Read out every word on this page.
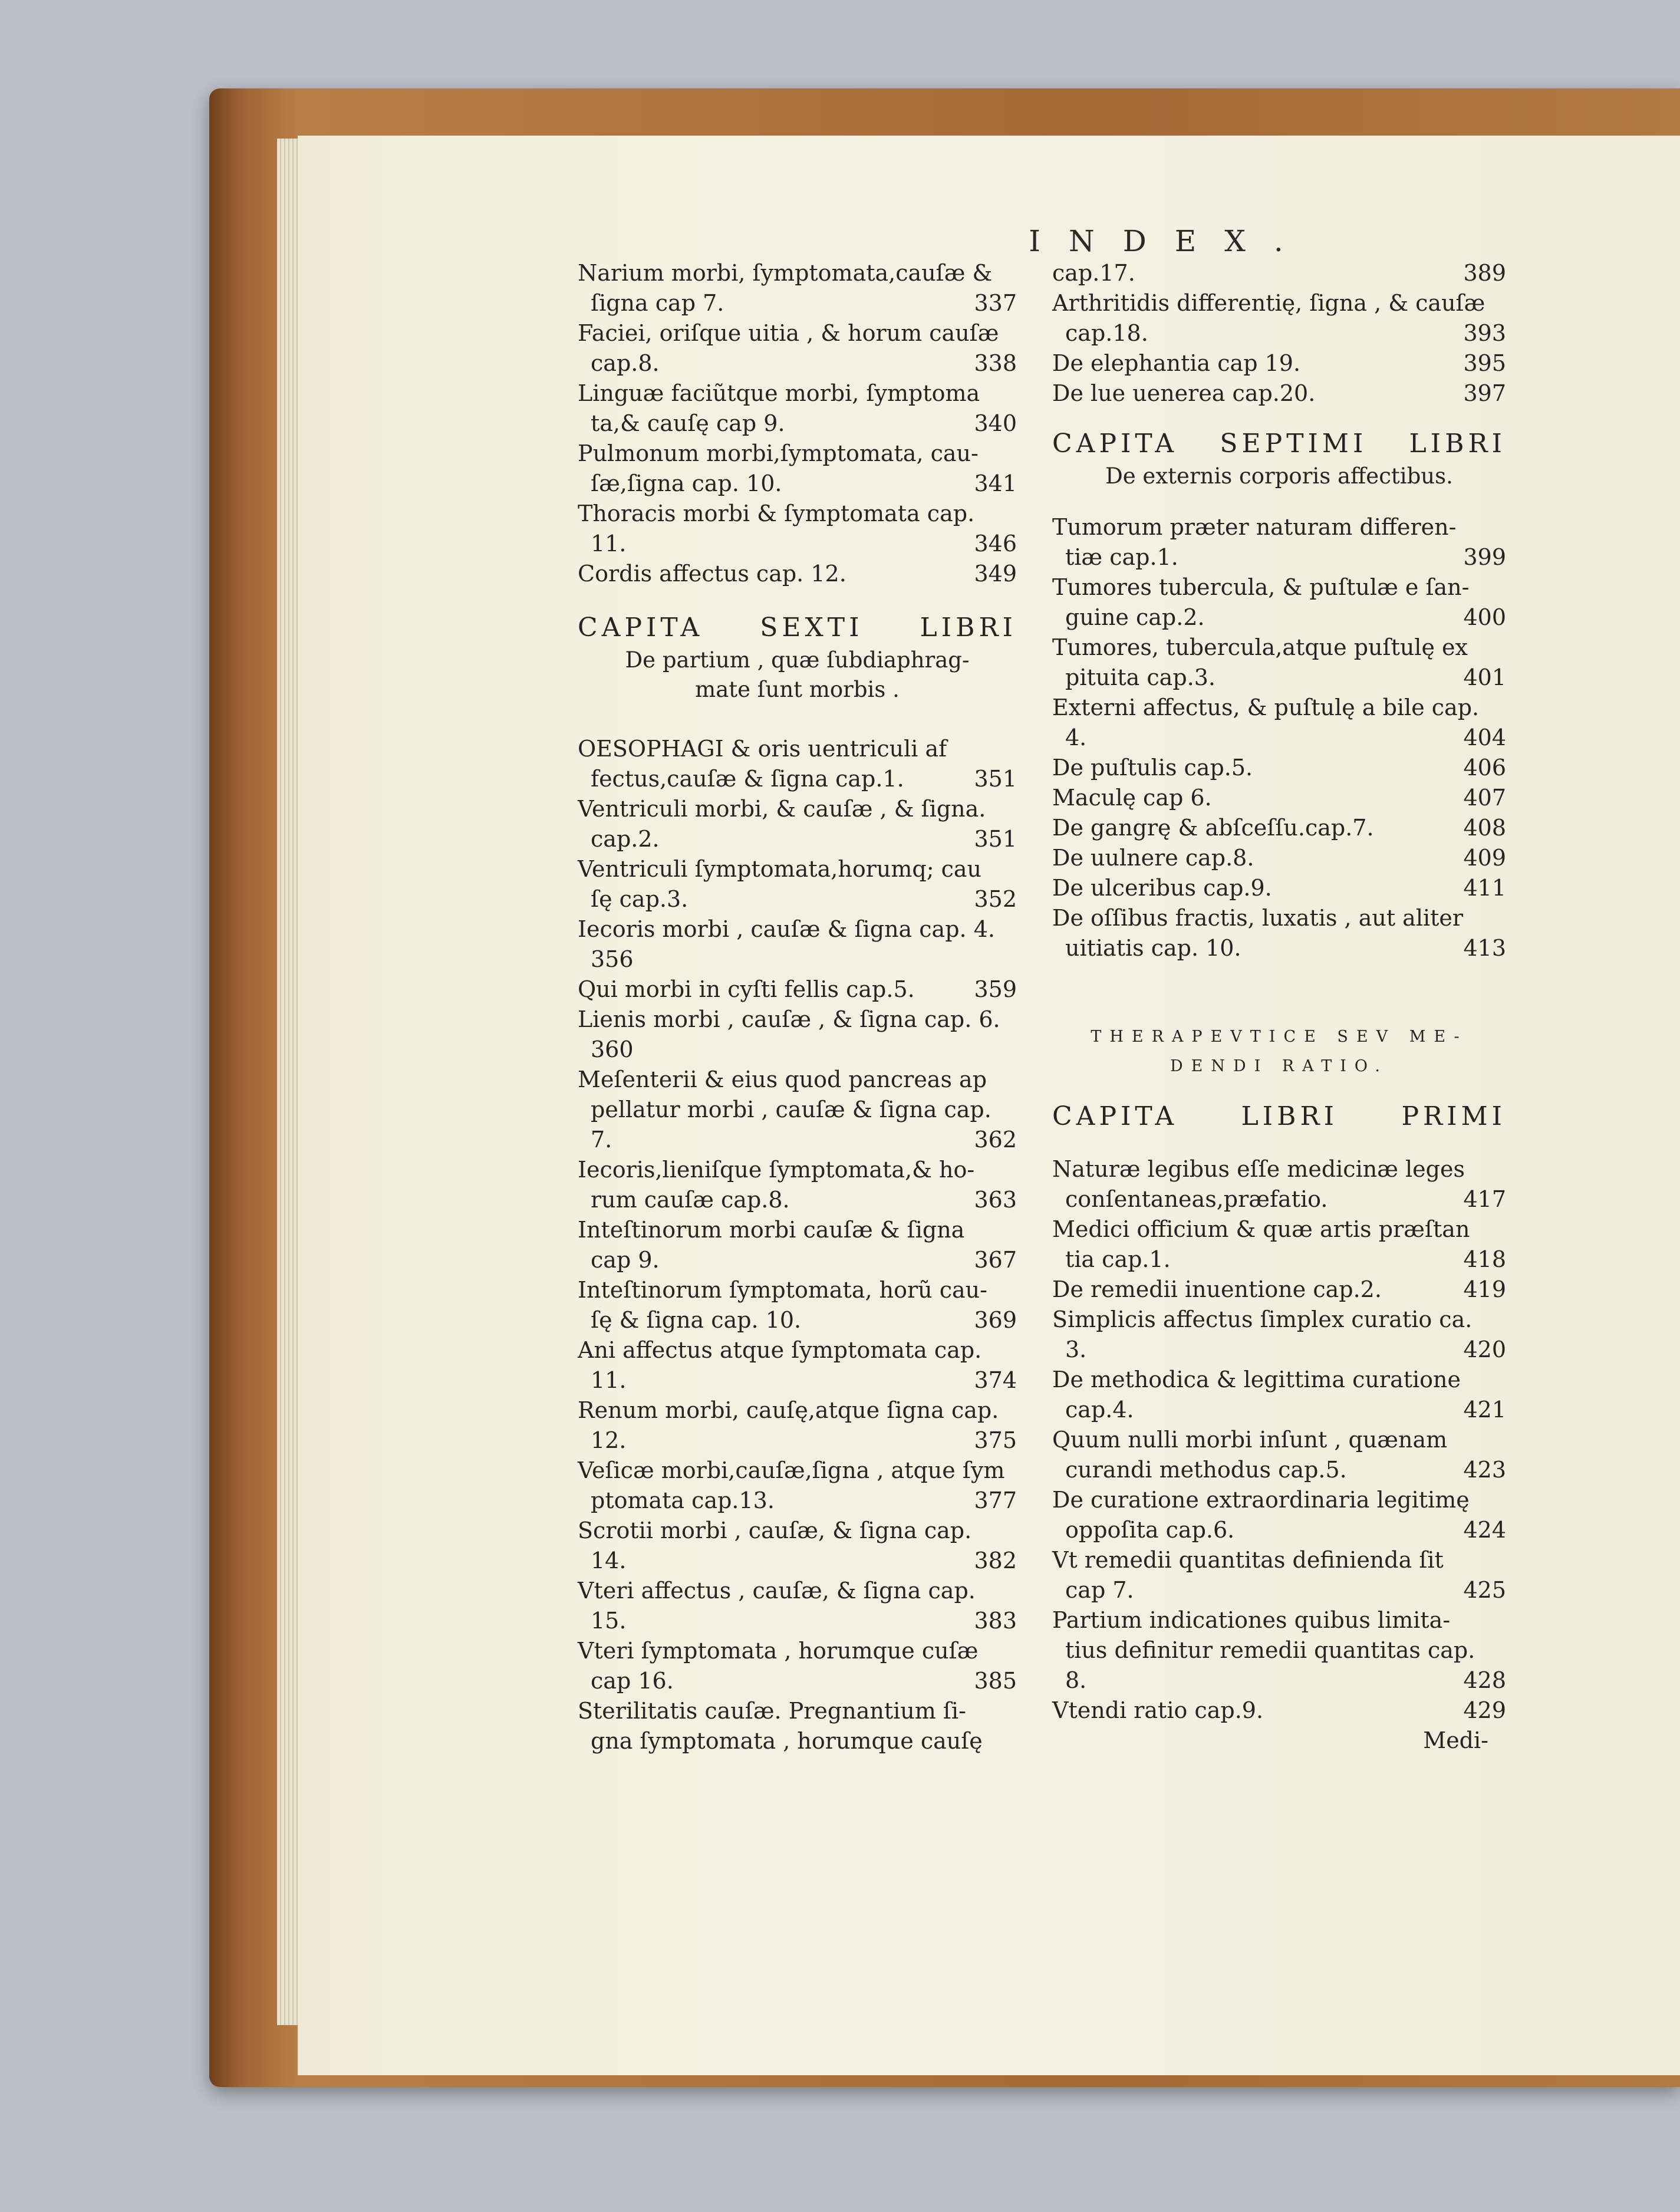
INDEX.
Narium morbi, ſymptomata,cauſæ &
ſigna cap 7.	337
Faciei, oriſque uitia , & horum cauſæ
cap.8.	338
Linguæ faciũtque morbi, ſymptoma
ta,& cauſę cap 9.	340
Pulmonum morbi,ſymptomata, cau-
ſæ,ſigna cap. 10.	341
Thoracis morbi & ſymptomata cap.
11.	346
Cordis affectus cap. 12.	349
CAPITA SEXTI LIBRI
De partium , quæ ſubdiaphrag-
mate ſunt morbis .
OESOPHAGI & oris uentriculi af
fectus,cauſæ & ſigna cap.1.	351
Ventriculi morbi, & cauſæ , & ſigna.
cap.2.	351
Ventriculi ſymptomata,horumq; cau
ſę cap.3.	352
Iecoris morbi , cauſæ & ſigna cap. 4.
356
Qui morbi in cyſti fellis cap.5.	359
Lienis morbi , cauſæ , & ſigna cap. 6.
360
Meſenterii & eius quod pancreas ap
pellatur morbi , cauſæ & ſigna cap.
7.	362
Iecoris,lieniſque ſymptomata,& ho-
rum cauſæ cap.8.	363
Inteſtinorum morbi cauſæ & ſigna
cap 9.	367
Inteſtinorum ſymptomata, horũ cau-
ſę & ſigna cap. 10.	369
Ani affectus atque ſymptomata cap.
11.	374
Renum morbi, cauſę,atque ſigna cap.
12.	375
Veſicæ morbi,cauſæ,ſigna , atque ſym
ptomata cap.13.	377
Scrotii morbi , cauſæ, & ſigna cap.
14.	382
Vteri affectus , cauſæ, & ſigna cap.
15.	383
Vteri ſymptomata , horumque cuſæ
cap 16.	385
Sterilitatis cauſæ. Pregnantium ſi-
gna ſymptomata , horumque cauſę
cap.17.	389
Arthritidis differentię, ſigna , & cauſæ
cap.18.	393
De elephantia cap 19.	395
De lue uenerea cap.20.	397
CAPITA SEPTIMI LIBRI
De externis corporis affectibus.
Tumorum præter naturam differen-
tiæ cap.1.	399
Tumores tubercula, & puſtulæ e ſan-
guine cap.2.	400
Tumores, tubercula,atque puſtulę ex
pituita cap.3.	401
Externi affectus, & puſtulę a bile cap.
4.	404
De puſtulis cap.5.	406
Maculę cap 6.	407
De gangrę & abſceſſu.cap.7.	408
De uulnere cap.8.	409
De ulceribus cap.9.	411
De oſſibus fractis, luxatis , aut aliter
uitiatis cap. 10.	413
THERAPEVTICE SEV ME-
DENDI RATIO.
CAPITA LIBRI PRIMI
Naturæ legibus eſſe medicinæ leges
conſentaneas,præfatio.	417
Medici officium & quæ artis præſtan
tia cap.1.	418
De remedii inuentione cap.2.	419
Simplicis affectus ſimplex curatio ca.
3.	420
De methodica & legittima curatione
cap.4.	421
Quum nulli morbi inſunt , quænam
curandi methodus cap.5.	423
De curatione extraordinaria legitimę
oppoſita cap.6.	424
Vt remedii quantitas definienda ſit
cap 7.	425
Partium indicationes quibus limita-
tius definitur remedii quantitas cap.
8.	428
Vtendi ratio cap.9.	429
Medi-
